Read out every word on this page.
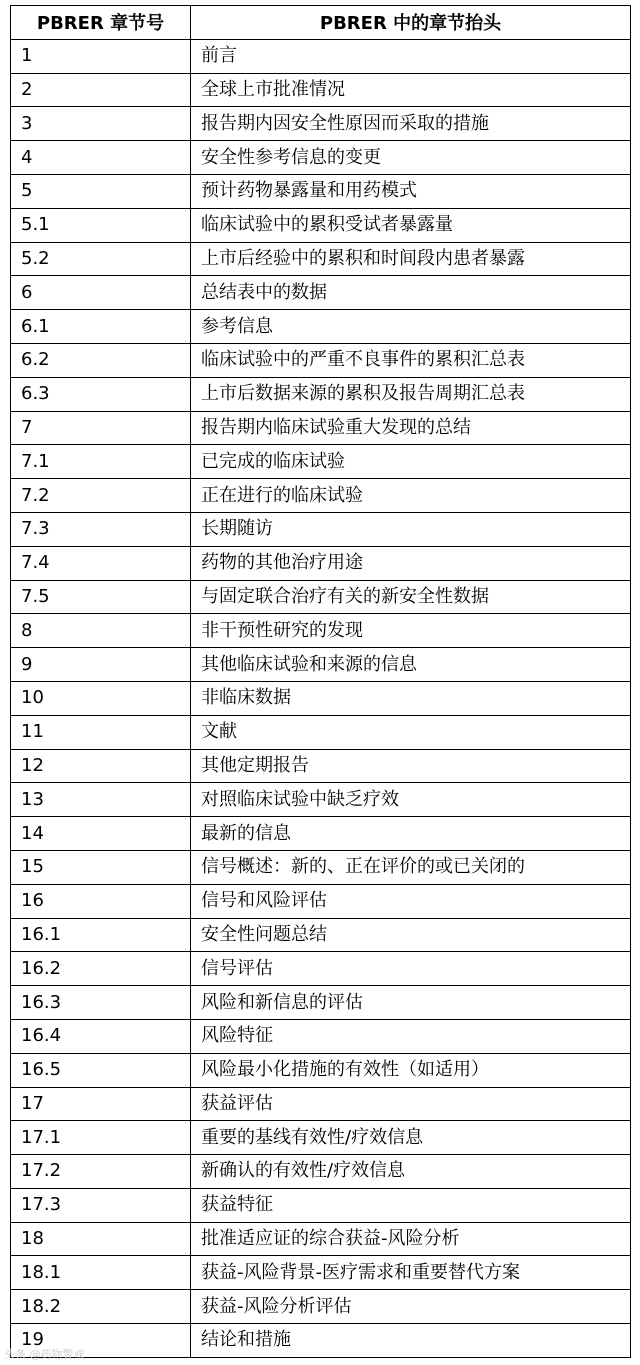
PBRER 章节号	PBRER 中的章节抬头
1	前言
2	全球上市批准情况
3	报告期内因安全性原因而采取的措施
4	安全性参考信息的变更
5	预计药物暴露量和用药模式
5.1	临床试验中的累积受试者暴露量
5.2	上市后经验中的累积和时间段内患者暴露
6	总结表中的数据
6.1	参考信息
6.2	临床试验中的严重不良事件的累积汇总表
6.3	上市后数据来源的累积及报告周期汇总表
7	报告期内临床试验重大发现的总结
7.1	已完成的临床试验
7.2	正在进行的临床试验
7.3	长期随访
7.4	药物的其他治疗用途
7.5	与固定联合治疗有关的新安全性数据
8	非干预性研究的发现
9	其他临床试验和来源的信息
10	非临床数据
11	文献
12	其他定期报告
13	对照临床试验中缺乏疗效
14	最新的信息
15	信号概述：新的、正在评价的或已关闭的
16	信号和风险评估
16.1	安全性问题总结
16.2	信号评估
16.3	风险和新信息的评估
16.4	风险特征
16.5	风险最小化措施的有效性（如适用）
17	获益评估
17.1	重要的基线有效性/疗效信息
17.2	新确认的有效性/疗效信息
17.3	获益特征
18	批准适应证的综合获益-风险分析
18.1	获益-风险背景-医疗需求和重要替代方案
18.2	获益-风险分析评估
19	结论和措施
头条 @药物警戒
